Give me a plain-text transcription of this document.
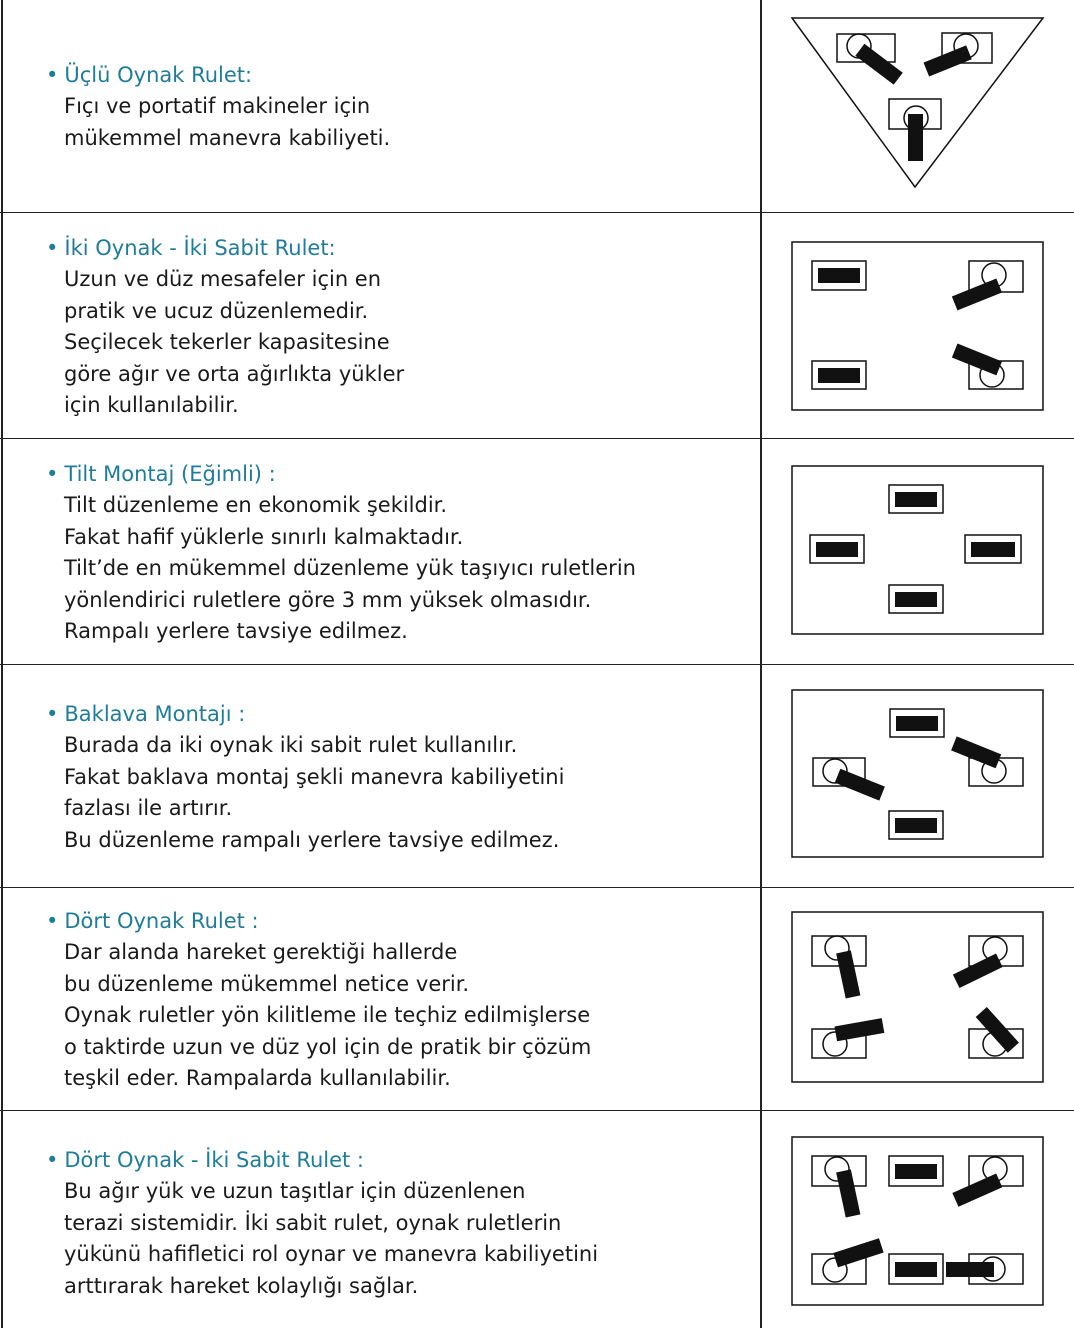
• Üçlü Oynak Rulet:
Fıçı ve portatif makineler için
mükemmel manevra kabiliyeti.
• İki Oynak - İki Sabit Rulet:
Uzun ve düz mesafeler için en
pratik ve ucuz düzenlemedir.
Seçilecek tekerler kapasitesine
göre ağır ve orta ağırlıkta yükler
için kullanılabilir.
• Tilt Montaj (Eğimli) :
Tilt düzenleme en ekonomik şekildir.
Fakat hafif yüklerle sınırlı kalmaktadır.
Tilt’de en mükemmel düzenleme yük taşıyıcı ruletlerin
yönlendirici ruletlere göre 3 mm yüksek olmasıdır.
Rampalı yerlere tavsiye edilmez.
• Baklava Montajı :
Burada da iki oynak iki sabit rulet kullanılır.
Fakat baklava montaj şekli manevra kabiliyetini
fazlası ile artırır.
Bu düzenleme rampalı yerlere tavsiye edilmez.
• Dört Oynak Rulet :
Dar alanda hareket gerektiği hallerde
bu düzenleme mükemmel netice verir.
Oynak ruletler yön kilitleme ile teçhiz edilmişlerse
o taktirde uzun ve düz yol için de pratik bir çözüm
teşkil eder. Rampalarda kullanılabilir.
• Dört Oynak - İki Sabit Rulet :
Bu ağır yük ve uzun taşıtlar için düzenlenen
terazi sistemidir. İki sabit rulet, oynak ruletlerin
yükünü hafifletici rol oynar ve manevra kabiliyetini
arttırarak hareket kolaylığı sağlar.
